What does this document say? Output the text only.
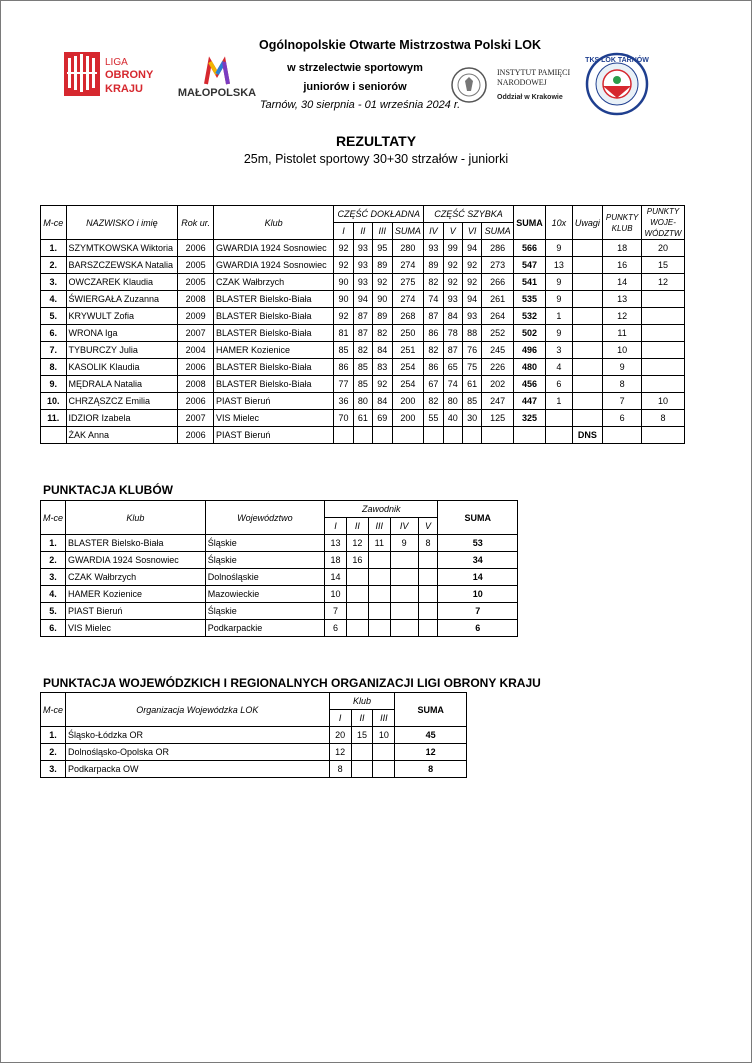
LIGA
OBRONY
KRAJU	MAŁOPOLSKA
INSTYTUT PAMIĘCI
NARODOWEJ
Oddział w Krakowie
TKS LOK TARNÓW
Ogólnopolskie Otwarte Mistrzostwa Polski LOK
w strzelectwie sportowym
juniorów i seniorów
Tarnów, 30 sierpnia - 01 września 2024 r.
REZULTATY
25m, Pistolet sportowy 30+30 strzałów - juniorki
M-ce	NAZWISKO i imię	Rok ur.	Klub	CZĘŚĆ DOKŁADNA				CZĘŚĆ SZYBKA				SUMA	10x	Uwagi	PUNKTY KLUB	PUNKTY WOJE-WÓDZTW
				I	II	III	SUMA	IV	V	VI	SUMA					
1.	SZYMTKOWSKA Wiktoria	2006	GWARDIA 1924 Sosnowiec	92	93	95	280	93	99	94	286	566	9		18	20
2.	BARSZCZEWSKA Natalia	2005	GWARDIA 1924 Sosnowiec	92	93	89	274	89	92	92	273	547	13		16	15
3.	OWCZAREK Klaudia	2005	CZAK Wałbrzych	90	93	92	275	82	92	92	266	541	9		14	12
4.	ŚWIERGAŁA Zuzanna	2008	BLASTER Bielsko-Biała	90	94	90	274	74	93	94	261	535	9		13	
5.	KRYWULT Zofia	2009	BLASTER Bielsko-Biała	92	87	89	268	87	84	93	264	532	1		12	
6.	WRONA Iga	2007	BLASTER Bielsko-Biała	81	87	82	250	86	78	88	252	502	9		11	
7.	TYBURCZY Julia	2004	HAMER Kozienice	85	82	84	251	82	87	76	245	496	3		10	
8.	KASOLIK Klaudia	2006	BLASTER Bielsko-Biała	86	85	83	254	86	65	75	226	480	4		9	
9.	MĘDRALA Natalia	2008	BLASTER Bielsko-Biała	77	85	92	254	67	74	61	202	456	6		8	
10.	CHRZĄSZCZ Emilia	2006	PIAST Bieruń	36	80	84	200	82	80	85	247	447	1		7	10
11.	IDZIOR Izabela	2007	VIS Mielec	70	61	69	200	55	40	30	125	325			6	8
	ŻAK Anna	2006	PIAST Bieruń											DNS		
PUNKTACJA KLUBÓW
M-ce	Klub	Województwo	Zawodnik					SUMA
			I	II	III	IV	V	
1.	BLASTER Bielsko-Biała	Śląskie	13	12	11	9	8	53
2.	GWARDIA 1924 Sosnowiec	Śląskie	18	16				34
3.	CZAK Wałbrzych	Dolnośląskie	14					14
4.	HAMER Kozienice	Mazowieckie	10					10
5.	PIAST Bieruń	Śląskie	7					7
6.	VIS Mielec	Podkarpackie	6					6
PUNKTACJA WOJEWÓDZKICH I REGIONALNYCH ORGANIZACJI LIGI OBRONY KRAJU
M-ce	Organizacja Wojewódzka LOK	Klub			SUMA
		I	II	III	
1.	Śląsko-Łódzka OR	20	15	10	45
2.	Dolnośląsko-Opolska OR	12			12
3.	Podkarpacka OW	8			8
